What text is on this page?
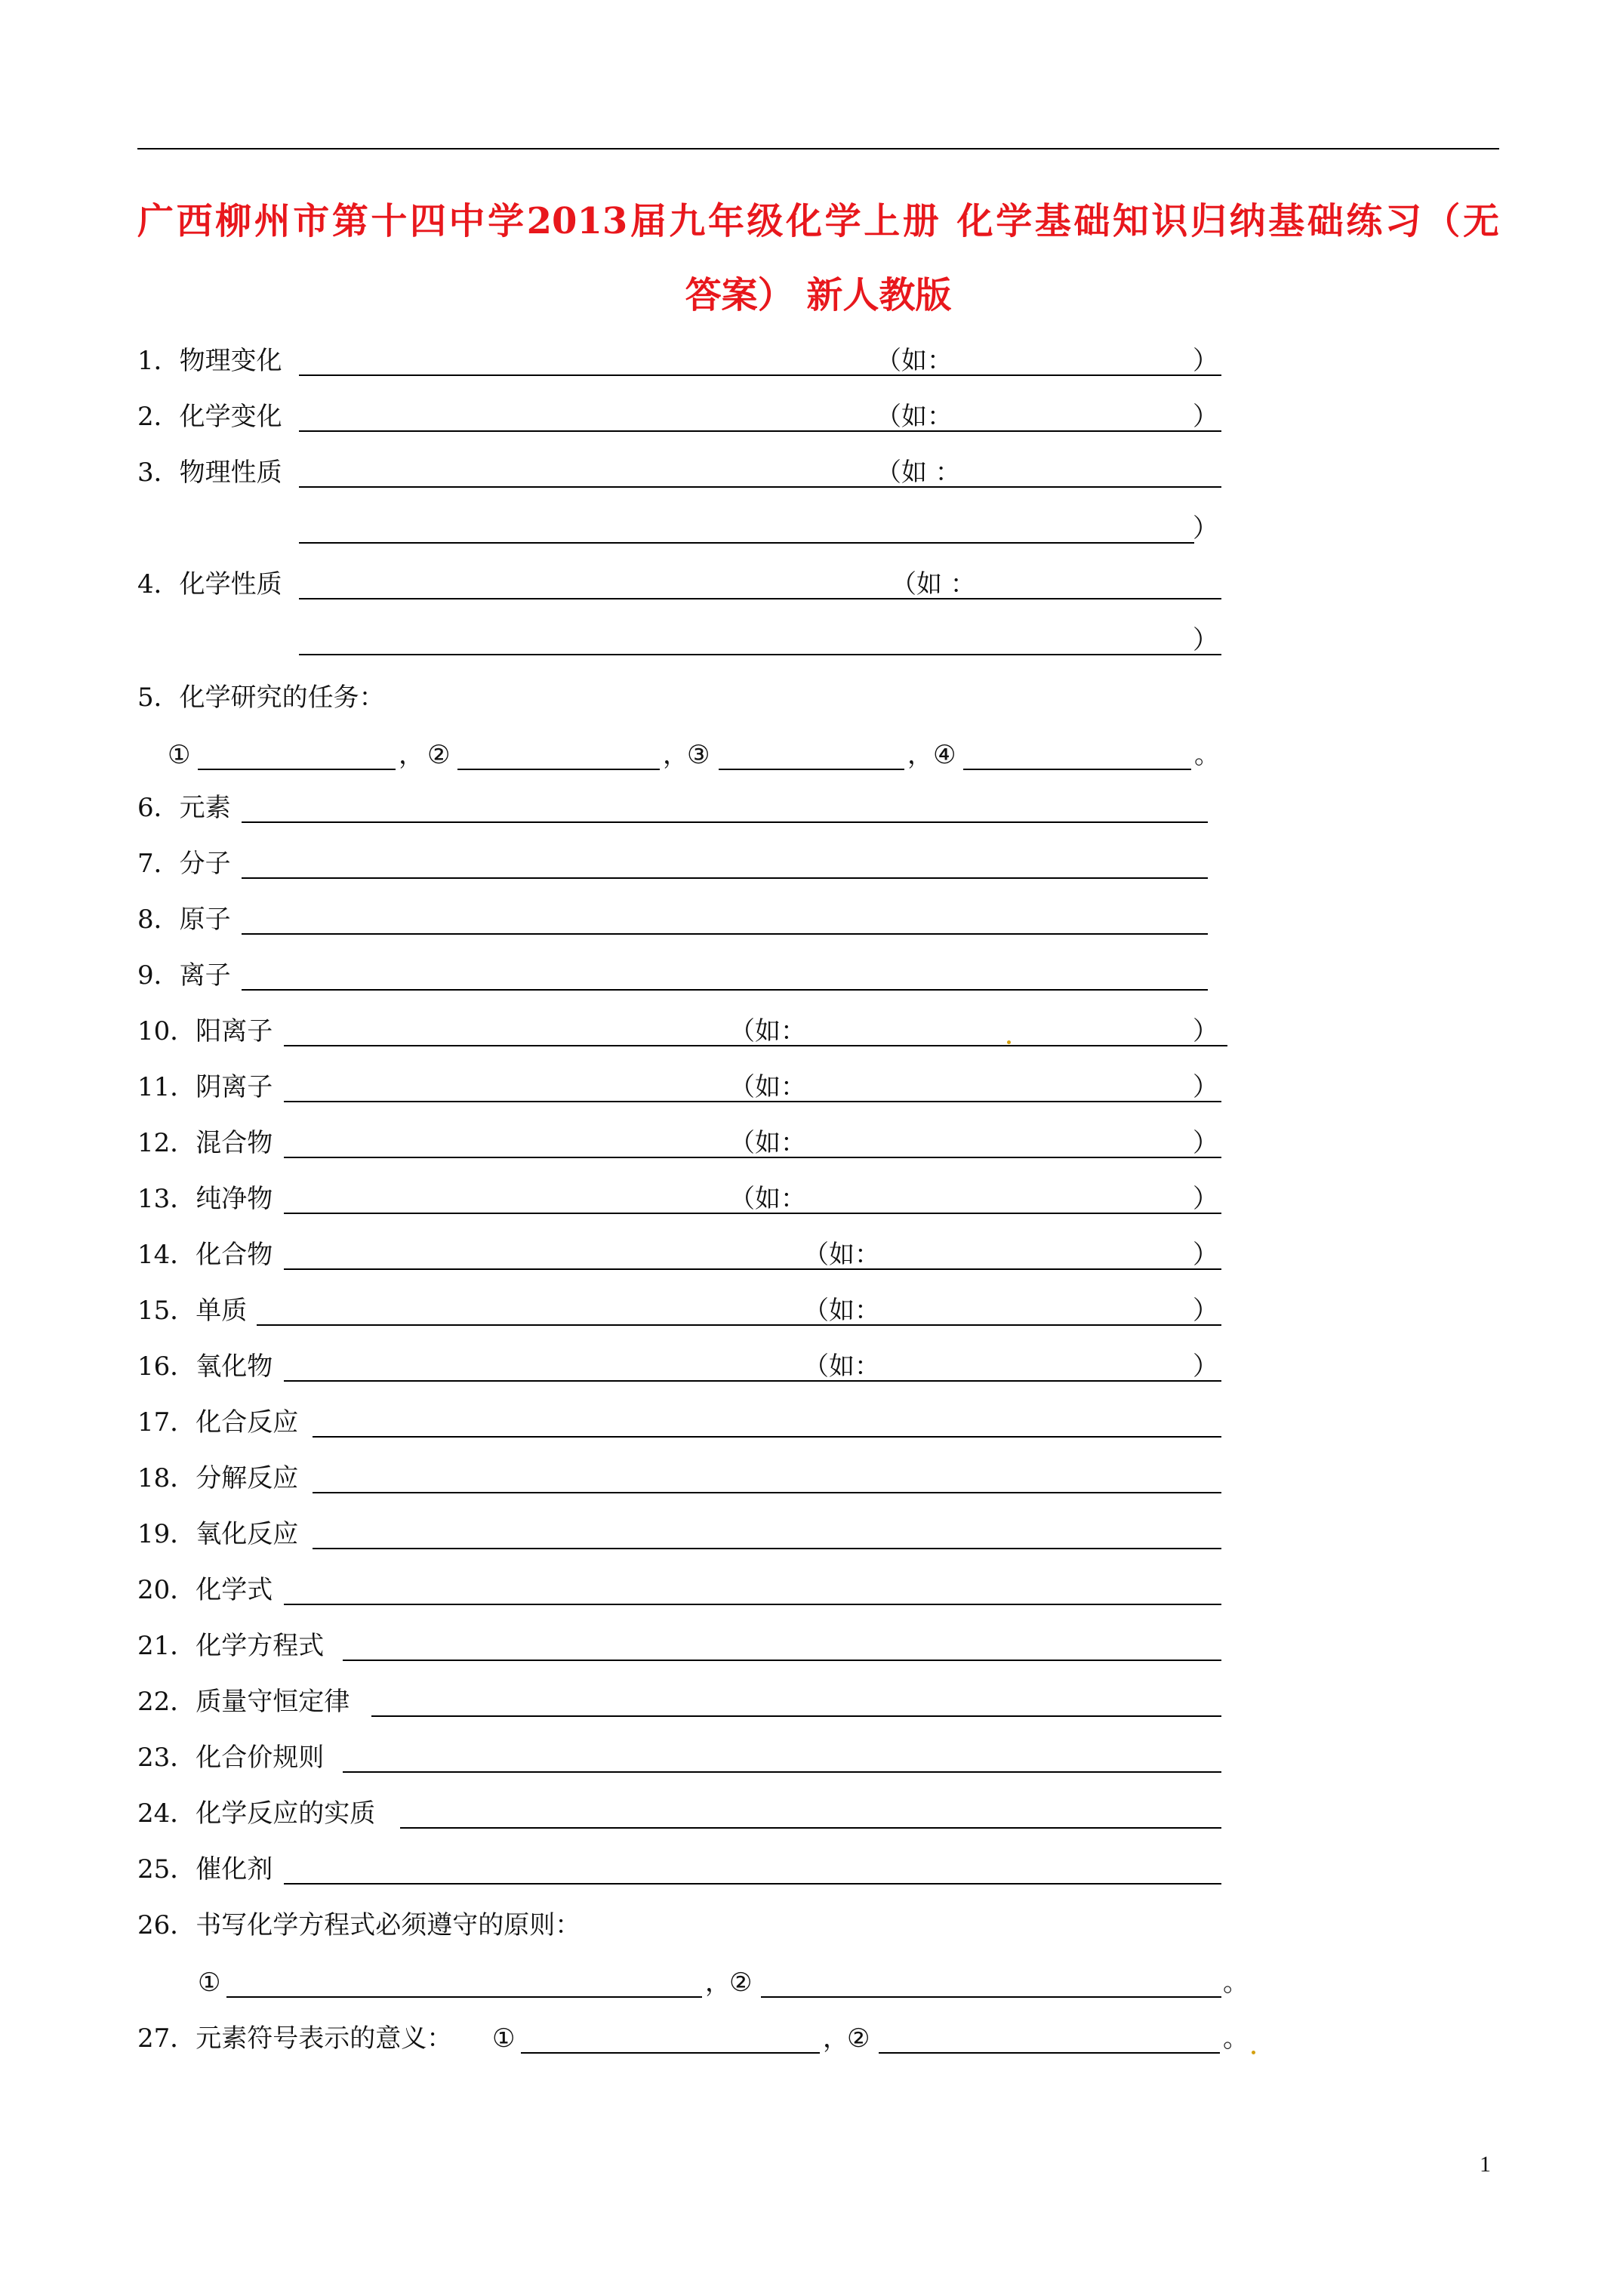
广西柳州市第十四中学2013届九年级化学上册 化学基础知识归纳基础练习（无
答案） 新人教版
1．物理变化	（如：	）
2．化学变化	（如：	）
3．物理性质	（如 ：
）
4．化学性质	（如 ：
）
5．化学研究的任务：
①	， ②	，
③	， ④	。
6．元素
7．分子
8．原子
9．离子
10．阳离子	（如：	）
11．阴离子	（如：	）
12．混合物	（如：	）
13．纯净物	（如：	）
14．化合物	（如：	）
15．单质	（如：	）
16．氧化物	（如：	）
17．化合反应
18．分解反应
19．氧化反应
20．化学式
21．化学方程式
22．质量守恒定律
23．化合价规则
24．化学反应的实质
25．催化剂
26．书写化学方程式必须遵守的原则：
①	，
②	。
27．元素符号表示的意义： ①	，
②	。
1
